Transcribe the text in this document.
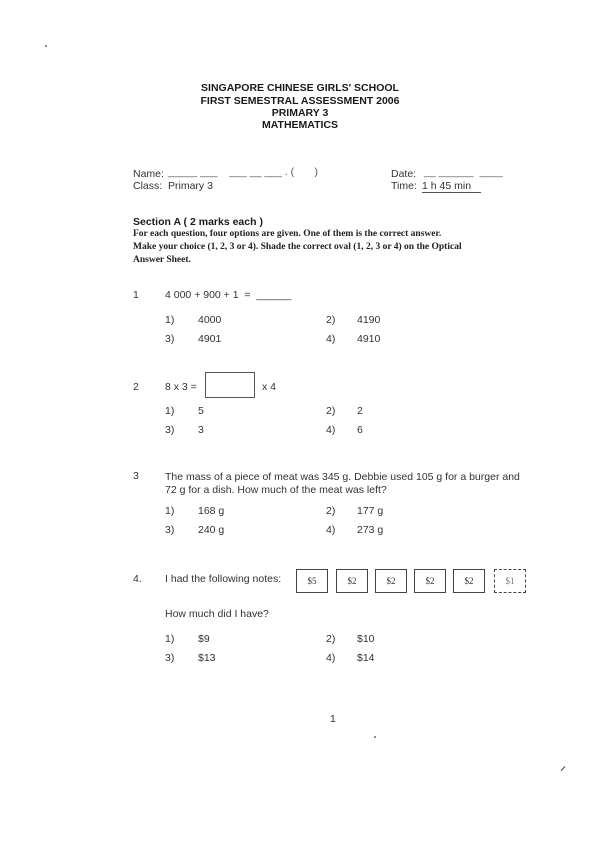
SINGAPORE CHINESE GIRLS' SCHOOL
FIRST SEMESTRAL ASSESSMENT 2006
PRIMARY 3
MATHEMATICS
Name: _____ ___    ___ __ ___ . (       )	Date: __ ______  ____
Class: Primary 3	Time: 1 h 45 min
Section A ( 2 marks each )
For each question, four options are given. One of them is the correct answer.
Make your choice (1, 2, 3 or 4). Shade the correct oval (1, 2, 3 or 4) on the Optical
Answer Sheet.
1 4 000 + 900 + 1  =  ______
1) 4000	2) 4190
3) 4901	4) 4910
2 8 x 3 =	x 4
1) 5	2) 2
3) 3	4) 6
3 The mass of a piece of meat was 345 g. Debbie used 105 g for a burger and
72 g for a dish. How much of the meat was left?
1) 168 g	2) 177 g
3) 240 g	4) 273 g
4. I had the following notes:	$5	$2	$2	$2	$2	$1
How much did I have?
1) $9	2) $10
3) $13	4) $14
1
